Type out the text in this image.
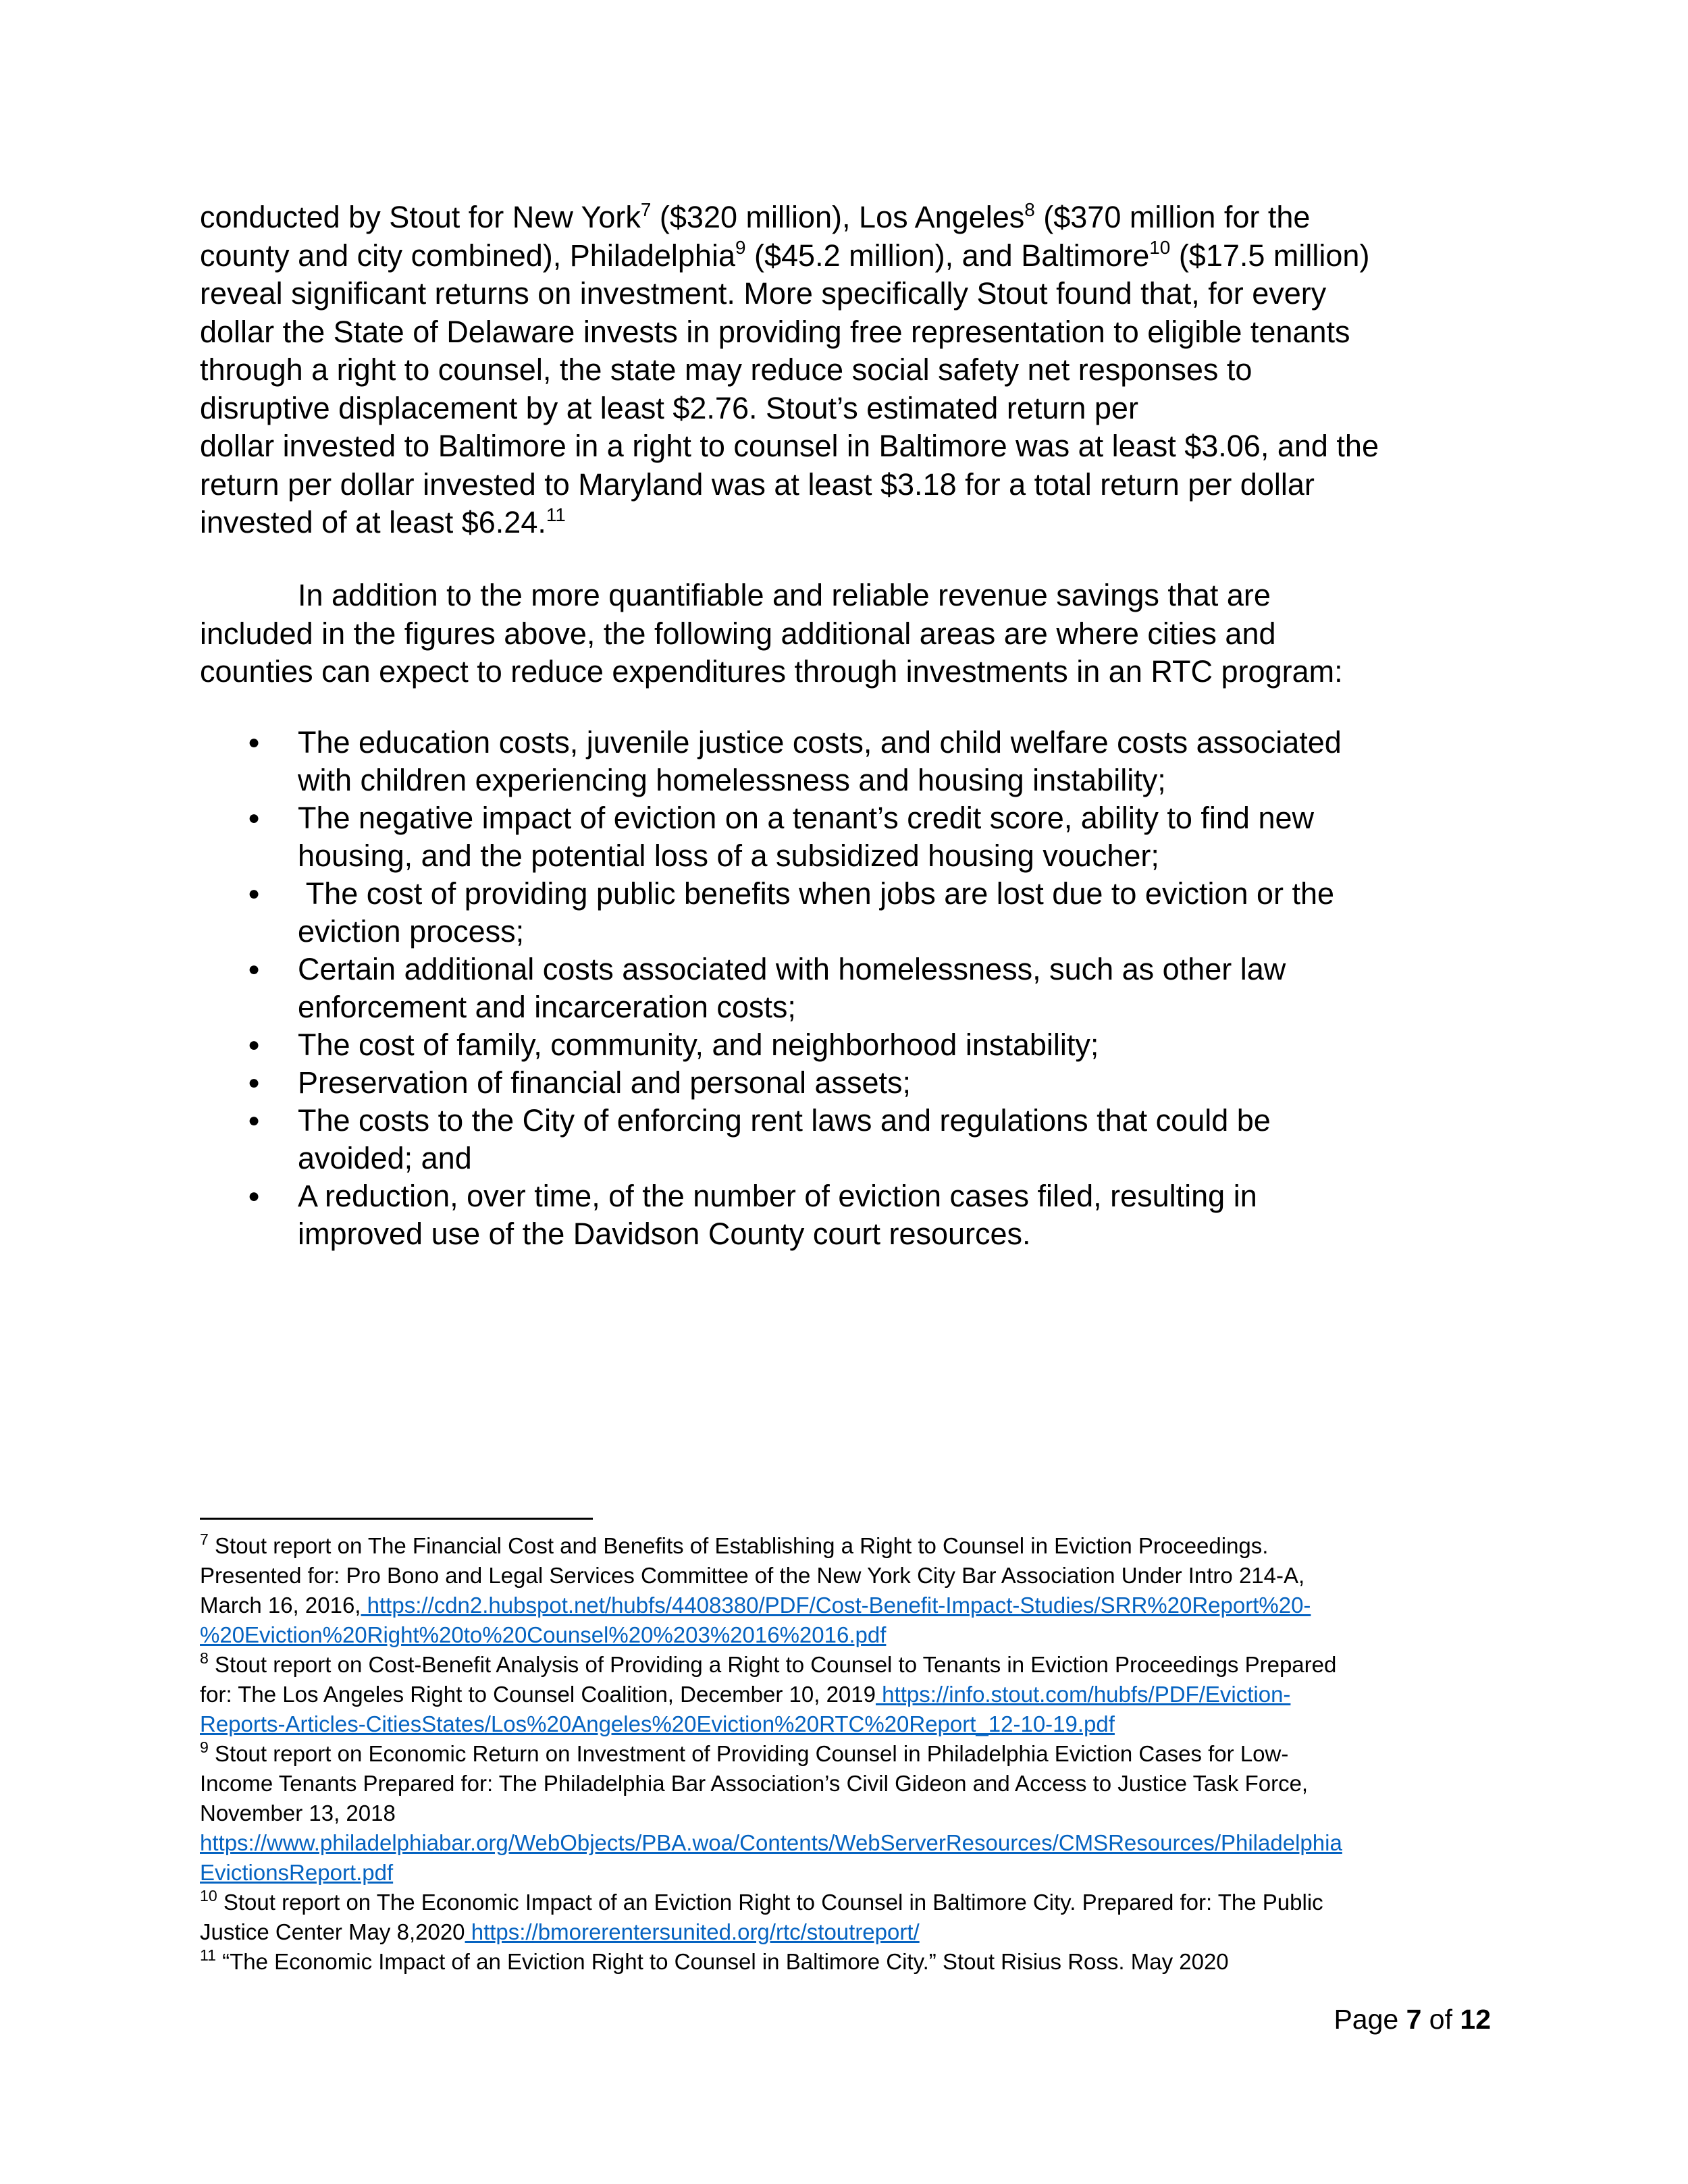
conducted by Stout for New York$^7$ ($320 million), Los Angeles$^8$ ($370 million for the
county and city combined), Philadelphia$^9$ ($45.2 million), and Baltimore$^{10}$ ($17.5 million)
reveal significant returns on investment. More specifically Stout found that, for every
dollar the State of Delaware invests in providing free representation to eligible tenants
through a right to counsel, the state may reduce social safety net responses to
disruptive displacement by at least $2.76. Stout’s estimated return per
dollar invested to Baltimore in a right to counsel in Baltimore was at least $3.06, and the
return per dollar invested to Maryland was at least $3.18 for a total return per dollar
invested of at least $6.24.11

In addition to the more quantifiable and reliable revenue savings that are
included in the figures above, the following additional areas are where cities and
counties can expect to reduce expenditures through investments in an RTC program:

● The education costs, juvenile justice costs, and child welfare costs associated
with children experiencing homelessness and housing instability;
● The negative impact of eviction on a tenant’s credit score, ability to find new
housing, and the potential loss of a subsidized housing voucher;
● The cost of providing public benefits when jobs are lost due to eviction or the
eviction process;
● Certain additional costs associated with homelessness, such as other law
enforcement and incarceration costs;
● The cost of family, community, and neighborhood instability;
● Preservation of financial and personal assets;
● The costs to the City of enforcing rent laws and regulations that could be
avoided; and
● A reduction, over time, of the number of eviction cases filed, resulting in
improved use of the Davidson County court resources.
$^7$ Stout report on The Financial Cost and Benefits of Establishing a Right to Counsel in Eviction Proceedings.
Presented for: Pro Bono and Legal Services Committee of the New York City Bar Association Under Intro 214-A,
March 16, 2016, https://cdn2.hubspot.net/hubfs/4408380/PDF/Cost-Benefit-Impact-Studies/SRR%20Report%20-
%20Eviction%20Right%20to%20Counsel%20%203%2016%2016.pdf
$^8$ Stout report on Cost-Benefit Analysis of Providing a Right to Counsel to Tenants in Eviction Proceedings Prepared
for: The Los Angeles Right to Counsel Coalition, December 10, 2019 https://info.stout.com/hubfs/PDF/Eviction-
Reports-Articles-CitiesStates/Los%20Angeles%20Eviction%20RTC%20Report_12-10-19.pdf
$^9$ Stout report on Economic Return on Investment of Providing Counsel in Philadelphia Eviction Cases for Low-
Income Tenants Prepared for: The Philadelphia Bar Association’s Civil Gideon and Access to Justice Task Force,
November 13, 2018
https://www.philadelphiabar.org/WebObjects/PBA.woa/Contents/WebServerResources/CMSResources/Philadelphia
EvictionsReport.pdf
$^{10}$ Stout report on The Economic Impact of an Eviction Right to Counsel in Baltimore City. Prepared for: The Public
Justice Center May 8,2020 https://bmorerentersunited.org/rtc/stoutreport/
$^{11}$ “The Economic Impact of an Eviction Right to Counsel in Baltimore City.” Stout Risius Ross. May 2020
Page 7 of 12
